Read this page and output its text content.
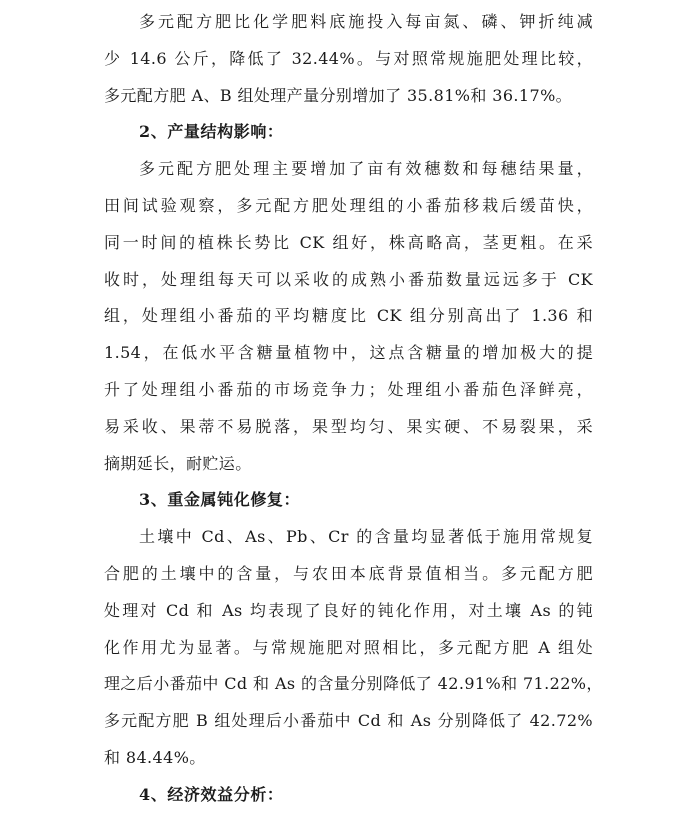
多元配方肥比化学肥料底施投入每亩氮、磷、钾折纯减
少 14.6 公斤，降低了 32.44%。与对照常规施肥处理比较，
多元配方肥 A、B 组处理产量分别增加了 35.81%和 36.17%。
2、产量结构影响：
多元配方肥处理主要增加了亩有效穗数和每穗结果量，
田间试验观察，多元配方肥处理组的小番茄移栽后缓苗快，
同一时间的植株长势比 CK 组好，株高略高，茎更粗。在采
收时，处理组每天可以采收的成熟小番茄数量远远多于 CK
组，处理组小番茄的平均糖度比 CK 组分别高出了 1.36 和
1.54，在低水平含糖量植物中，这点含糖量的增加极大的提
升了处理组小番茄的市场竞争力；处理组小番茄色泽鲜亮，
易采收、果蒂不易脱落，果型均匀、果实硬、不易裂果，采
摘期延长，耐贮运。
3、重金属钝化修复：
土壤中 Cd、As、Pb、Cr 的含量均显著低于施用常规复
合肥的土壤中的含量，与农田本底背景值相当。多元配方肥
处理对 Cd 和 As 均表现了良好的钝化作用，对土壤 As 的钝
化作用尤为显著。与常规施肥对照相比，多元配方肥 A 组处
理之后小番茄中 Cd 和 As 的含量分别降低了 42.91%和 71.22%，
多元配方肥 B 组处理后小番茄中 Cd 和 As 分别降低了 42.72%
和 84.44%。
4、经济效益分析：
